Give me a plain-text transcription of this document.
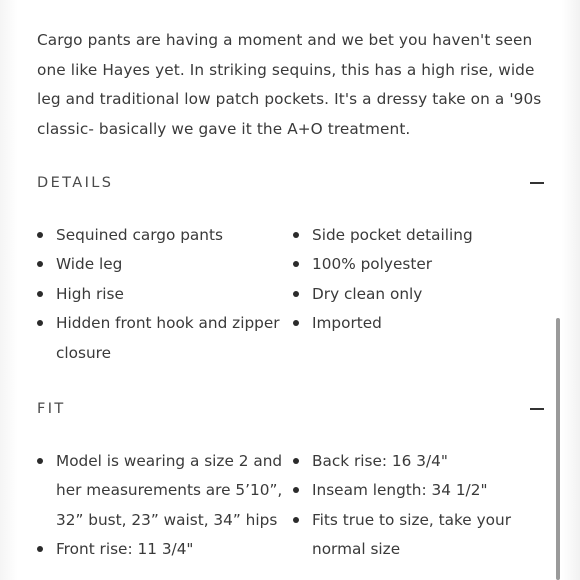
Cargo pants are having a moment and we bet you haven't seen one like Hayes yet. In striking sequins, this has a high rise, wide leg and traditional low patch pockets. It's a dressy take on a '90s classic- basically we gave it the A+O treatment.

DETAILS
Sequined cargo pants
Wide leg
High rise
Hidden front hook and zipper closure
Side pocket detailing
100% polyester
Dry clean only
Imported
FIT
Model is wearing a size 2 and her measurements are 5’10”, 32” bust, 23” waist, 34” hips
Front rise: 11 3/4"
Back rise: 16 3/4"
Inseam length: 34 1/2"
Fits true to size, take your normal size
